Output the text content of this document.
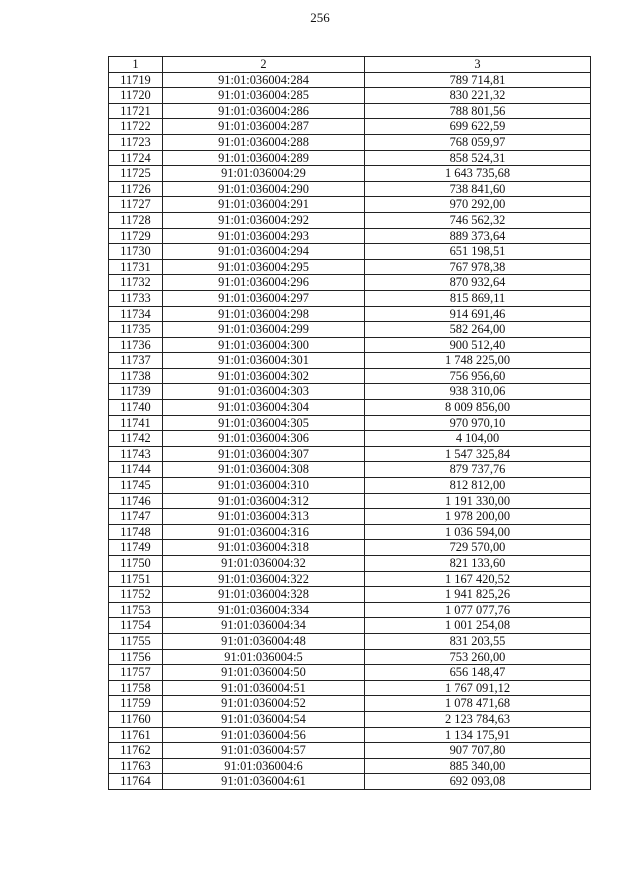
256
1	2	3
11719	91:01:036004:284	789 714,81
11720	91:01:036004:285	830 221,32
11721	91:01:036004:286	788 801,56
11722	91:01:036004:287	699 622,59
11723	91:01:036004:288	768 059,97
11724	91:01:036004:289	858 524,31
11725	91:01:036004:29	1 643 735,68
11726	91:01:036004:290	738 841,60
11727	91:01:036004:291	970 292,00
11728	91:01:036004:292	746 562,32
11729	91:01:036004:293	889 373,64
11730	91:01:036004:294	651 198,51
11731	91:01:036004:295	767 978,38
11732	91:01:036004:296	870 932,64
11733	91:01:036004:297	815 869,11
11734	91:01:036004:298	914 691,46
11735	91:01:036004:299	582 264,00
11736	91:01:036004:300	900 512,40
11737	91:01:036004:301	1 748 225,00
11738	91:01:036004:302	756 956,60
11739	91:01:036004:303	938 310,06
11740	91:01:036004:304	8 009 856,00
11741	91:01:036004:305	970 970,10
11742	91:01:036004:306	4 104,00
11743	91:01:036004:307	1 547 325,84
11744	91:01:036004:308	879 737,76
11745	91:01:036004:310	812 812,00
11746	91:01:036004:312	1 191 330,00
11747	91:01:036004:313	1 978 200,00
11748	91:01:036004:316	1 036 594,00
11749	91:01:036004:318	729 570,00
11750	91:01:036004:32	821 133,60
11751	91:01:036004:322	1 167 420,52
11752	91:01:036004:328	1 941 825,26
11753	91:01:036004:334	1 077 077,76
11754	91:01:036004:34	1 001 254,08
11755	91:01:036004:48	831 203,55
11756	91:01:036004:5	753 260,00
11757	91:01:036004:50	656 148,47
11758	91:01:036004:51	1 767 091,12
11759	91:01:036004:52	1 078 471,68
11760	91:01:036004:54	2 123 784,63
11761	91:01:036004:56	1 134 175,91
11762	91:01:036004:57	907 707,80
11763	91:01:036004:6	885 340,00
11764	91:01:036004:61	692 093,08
